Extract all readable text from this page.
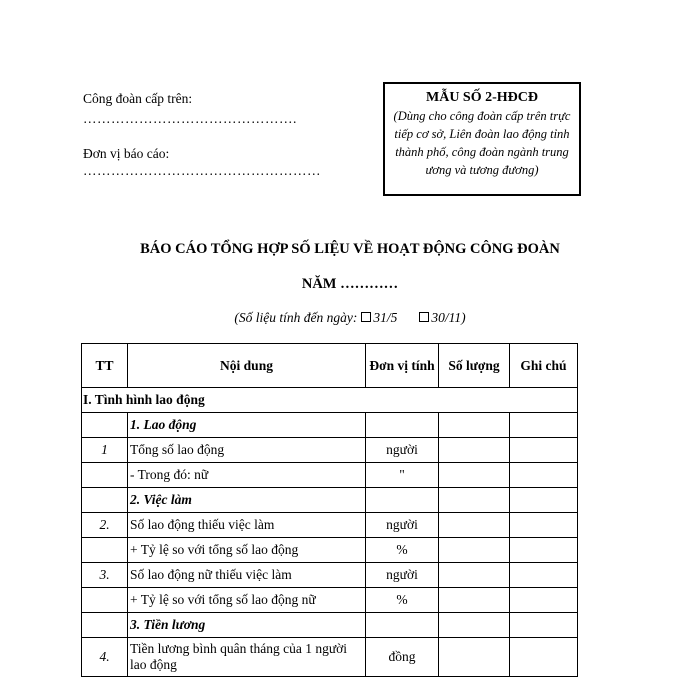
Công đoàn cấp trên:
……………………………………….
Đơn vị báo cáo:
……………………………………………
MẪU SỐ 2-HĐCĐ
(Dùng cho công đoàn cấp trên trực tiếp cơ sở, Liên đoàn lao động tỉnh thành phố, công đoàn ngành trung ương và tương đương)
BÁO CÁO TỔNG HỢP SỐ LIỆU VỀ HOẠT ĐỘNG CÔNG ĐOÀN
NĂM …………
(Số liệu tính đến ngày: 31/5	30/11)
TT	Nội dung	Đơn vị tính	Số lượng	Ghi chú
I. Tình hình lao động				
	1. Lao động			
1	Tổng số lao động	người		
	- Trong đó: nữ	"		
	2. Việc làm			
2.	Số lao động thiếu việc làm	người		
	+ Tỷ lệ so với tổng số lao động	%		
3.	Số lao động nữ thiếu việc làm	người		
	+ Tỷ lệ so với tổng số lao động nữ	%		
	3. Tiền lương			
4.	Tiền lương bình quân tháng của 1 người lao động	đồng		
